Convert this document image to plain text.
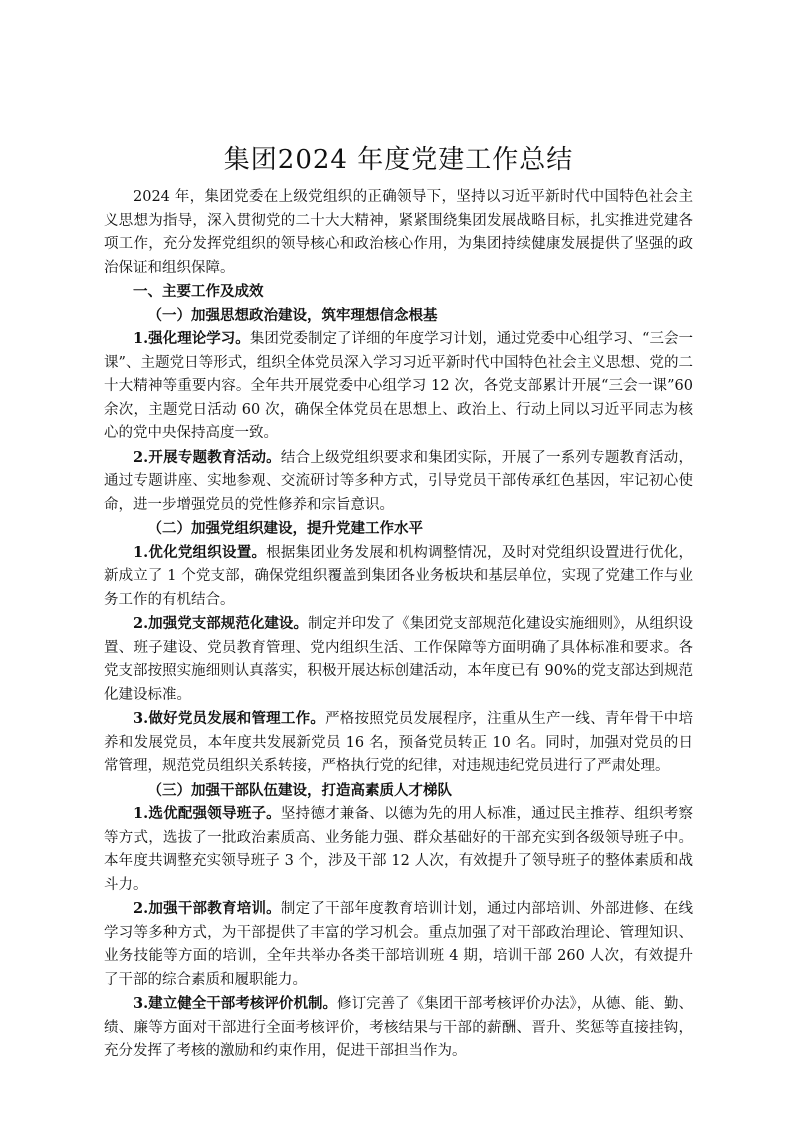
集团2024 年度党建工作总结

2024 年，集团党委在上级党组织的正确领导下，坚持以习近平新时代中国特色社会主义思想为指导，深入贯彻党的二十大大精神，紧紧围绕集团发展战略目标，扎实推进党建各项工作，充分发挥党组织的领导核心和政治核心作用，为集团持续健康发展提供了坚强的政治保证和组织保障。

一、主要工作及成效

（一）加强思想政治建设，筑牢理想信念根基

1.强化理论学习。集团党委制定了详细的年度学习计划，通过党委中心组学习、“三会一课”、主题党日等形式，组织全体党员深入学习习近平新时代中国特色社会主义思想、党的二十大精神等重要内容。全年共开展党委中心组学习 12 次，各党支部累计开展“三会一课”60 余次，主题党日活动 60 次，确保全体党员在思想上、政治上、行动上同以习近平同志为核心的党中央保持高度一致。

2.开展专题教育活动。结合上级党组织要求和集团实际，开展了一系列专题教育活动，通过专题讲座、实地参观、交流研讨等多种方式，引导党员干部传承红色基因，牢记初心使命，进一步增强党员的党性修养和宗旨意识。

（二）加强党组织建设，提升党建工作水平

1.优化党组织设置。根据集团业务发展和机构调整情况，及时对党组织设置进行优化，新成立了 1 个党支部，确保党组织覆盖到集团各业务板块和基层单位，实现了党建工作与业务工作的有机结合。

2.加强党支部规范化建设。制定并印发了《集团党支部规范化建设实施细则》，从组织设置、班子建设、党员教育管理、党内组织生活、工作保障等方面明确了具体标准和要求。各党支部按照实施细则认真落实，积极开展达标创建活动，本年度已有 90%的党支部达到规范化建设标准。

3.做好党员发展和管理工作。严格按照党员发展程序，注重从生产一线、青年骨干中培养和发展党员，本年度共发展新党员 16 名，预备党员转正 10 名。同时，加强对党员的日常管理，规范党员组织关系转接，严格执行党的纪律，对违规违纪党员进行了严肃处理。

（三）加强干部队伍建设，打造高素质人才梯队

1.选优配强领导班子。坚持德才兼备、以德为先的用人标准，通过民主推荐、组织考察等方式，选拔了一批政治素质高、业务能力强、群众基础好的干部充实到各级领导班子中。本年度共调整充实领导班子 3 个，涉及干部 12 人次，有效提升了领导班子的整体素质和战斗力。

2.加强干部教育培训。制定了干部年度教育培训计划，通过内部培训、外部进修、在线学习等多种方式，为干部提供了丰富的学习机会。重点加强了对干部政治理论、管理知识、业务技能等方面的培训，全年共举办各类干部培训班 4 期，培训干部 260 人次，有效提升了干部的综合素质和履职能力。

3.建立健全干部考核评价机制。修订完善了《集团干部考核评价办法》，从德、能、勤、绩、廉等方面对干部进行全面考核评价，考核结果与干部的薪酬、晋升、奖惩等直接挂钩，充分发挥了考核的激励和约束作用，促进干部担当作为。
